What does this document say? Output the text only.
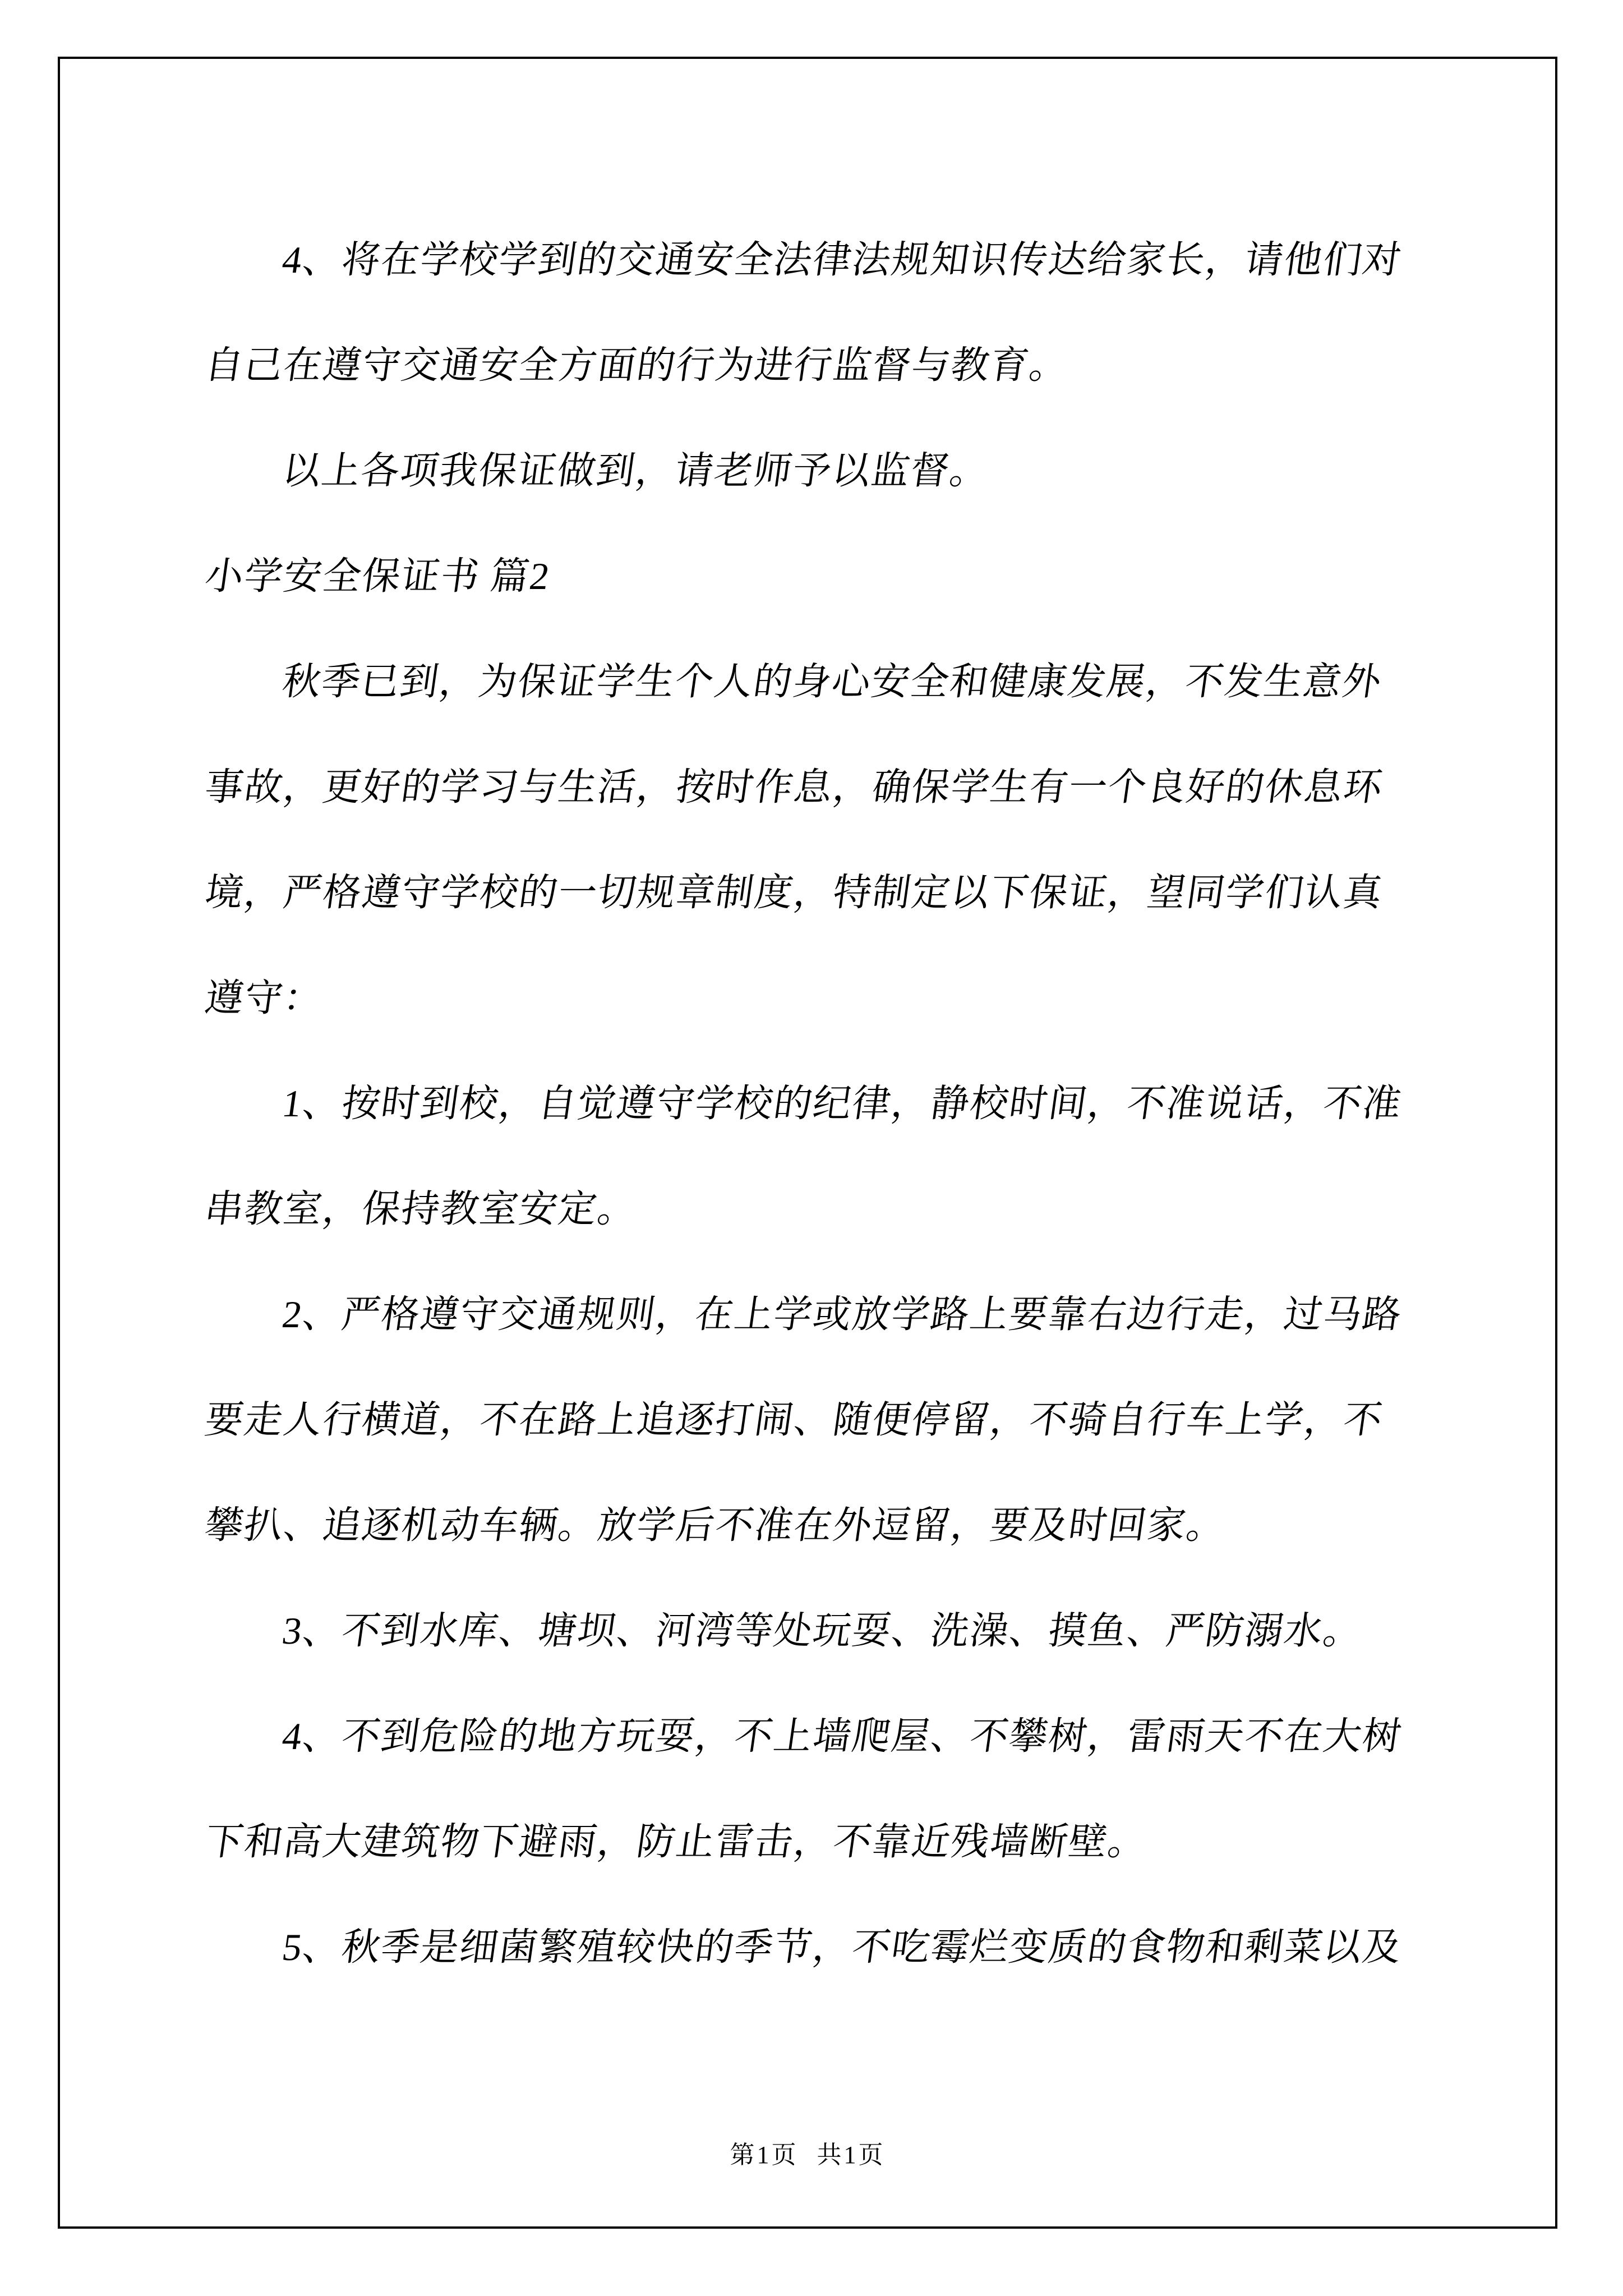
4、将在学校学到的交通安全法律法规知识传达给家长，请他们对
自己在遵守交通安全方面的行为进行监督与教育。
以上各项我保证做到，请老师予以监督。
小学安全保证书 篇2
秋季已到，为保证学生个人的身心安全和健康发展，不发生意外
事故，更好的学习与生活，按时作息，确保学生有一个良好的休息环
境，严格遵守学校的一切规章制度，特制定以下保证，望同学们认真
遵守：
1、按时到校，自觉遵守学校的纪律，静校时间，不准说话，不准
串教室，保持教室安定。
2、严格遵守交通规则，在上学或放学路上要靠右边行走，过马路
要走人行横道，不在路上追逐打闹、随便停留，不骑自行车上学，不
攀扒、追逐机动车辆。放学后不准在外逗留，要及时回家。
3、不到水库、塘坝、河湾等处玩耍、洗澡、摸鱼、严防溺水。
4、不到危险的地方玩耍，不上墙爬屋、不攀树，雷雨天不在大树
下和高大建筑物下避雨，防止雷击，不靠近残墙断壁。
5、秋季是细菌繁殖较快的季节，不吃霉烂变质的食物和剩菜以及
第1页 共1页
